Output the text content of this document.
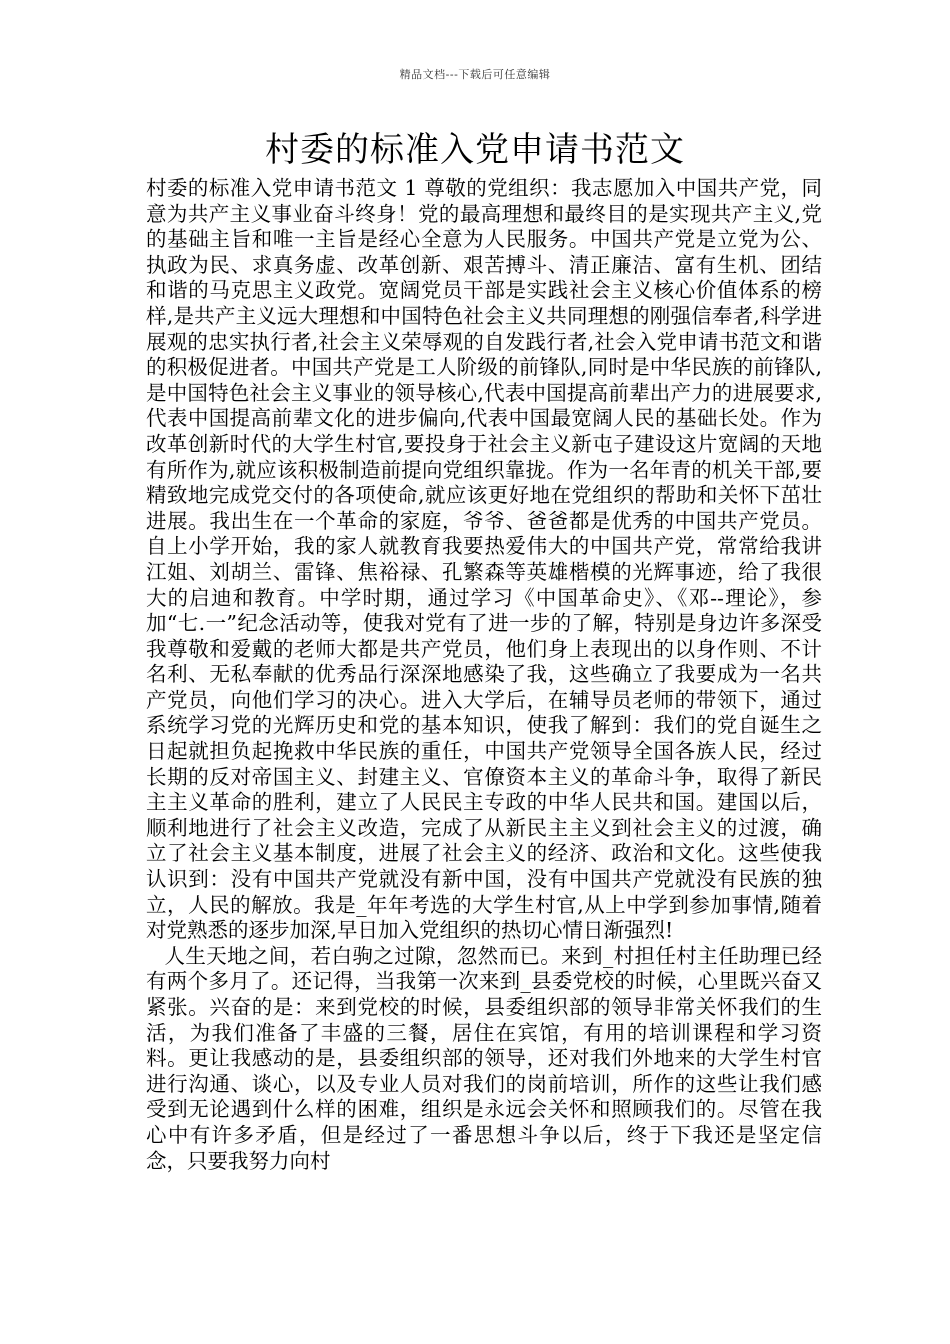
精品文档---下载后可任意编辑
村委的标准入党申请书范文

村委的标准入党申请书范文 1 尊敬的党组织：我志愿加入中国共产党，同意为共产主义事业奋斗终身！党的最高理想和最终目的是实现共产主义,党的基础主旨和唯一主旨是经心全意为人民服务。中国共产党是立党为公、执政为民、求真务虚、改革创新、艰苦搏斗、清正廉洁、富有生机、团结和谐的马克思主义政党。宽阔党员干部是实践社会主义核心价值体系的榜样,是共产主义远大理想和中国特色社会主义共同理想的刚强信奉者,科学进展观的忠实执行者,社会主义荣辱观的自发践行者,社会入党申请书范文和谐的积极促进者。中国共产党是工人阶级的前锋队,同时是中华民族的前锋队,是中国特色社会主义事业的领导核心,代表中国提高前辈出产力的进展要求,代表中国提高前辈文化的进步偏向,代表中国最宽阔人民的基础长处。作为改革创新时代的大学生村官,要投身于社会主义新屯子建设这片宽阔的天地有所作为,就应该积极制造前提向党组织靠拢。作为一名年青的机关干部,要精致地完成党交付的各项使命,就应该更好地在党组织的帮助和关怀下茁壮进展。我出生在一个革命的家庭，爷爷、爸爸都是优秀的中国共产党员。自上小学开始，我的家人就教育我要热爱伟大的中国共产党，常常给我讲江姐、刘胡兰、雷锋、焦裕禄、孔繁森等英雄楷模的光辉事迹，给了我很大的启迪和教育。中学时期，通过学习《中国革命史》、《邓--理论》，参加“七.一”纪念活动等，使我对党有了进一步的了解，特别是身边许多深受我尊敬和爱戴的老师大都是共产党员，他们身上表现出的以身作则、不计名利、无私奉献的优秀品行深深地感染了我，这些确立了我要成为一名共产党员，向他们学习的决心。进入大学后，在辅导员老师的带领下，通过系统学习党的光辉历史和党的基本知识，使我了解到：我们的党自诞生之日起就担负起挽救中华民族的重任，中国共产党领导全国各族人民，经过长期的反对帝国主义、封建主义、官僚资本主义的革命斗争，取得了新民主主义革命的胜利，建立了人民民主专政的中华人民共和国。建国以后，顺利地进行了社会主义改造，完成了从新民主主义到社会主义的过渡，确立了社会主义基本制度，进展了社会主义的经济、政治和文化。这些使我认识到：没有中国共产党就没有新中国，没有中国共产党就没有民族的独立，人民的解放。我是_年年考选的大学生村官,从上中学到参加事情,随着对党熟悉的逐步加深,早日加入党组织的热切心情日渐强烈!

人生天地之间，若白驹之过隙，忽然而已。来到_村担任村主任助理已经有两个多月了。还记得，当我第一次来到_县委党校的时候，心里既兴奋又紧张。兴奋的是：来到党校的时候，县委组织部的领导非常关怀我们的生活，为我们准备了丰盛的三餐，居住在宾馆，有用的培训课程和学习资料。更让我感动的是，县委组织部的领导，还对我们外地来的大学生村官进行沟通、谈心，以及专业人员对我们的岗前培训，所作的这些让我们感受到无论遇到什么样的困难，组织是永远会关怀和照顾我们的。尽管在我心中有许多矛盾，但是经过了一番思想斗争以后，终于下我还是坚定信念，只要我努力向村
